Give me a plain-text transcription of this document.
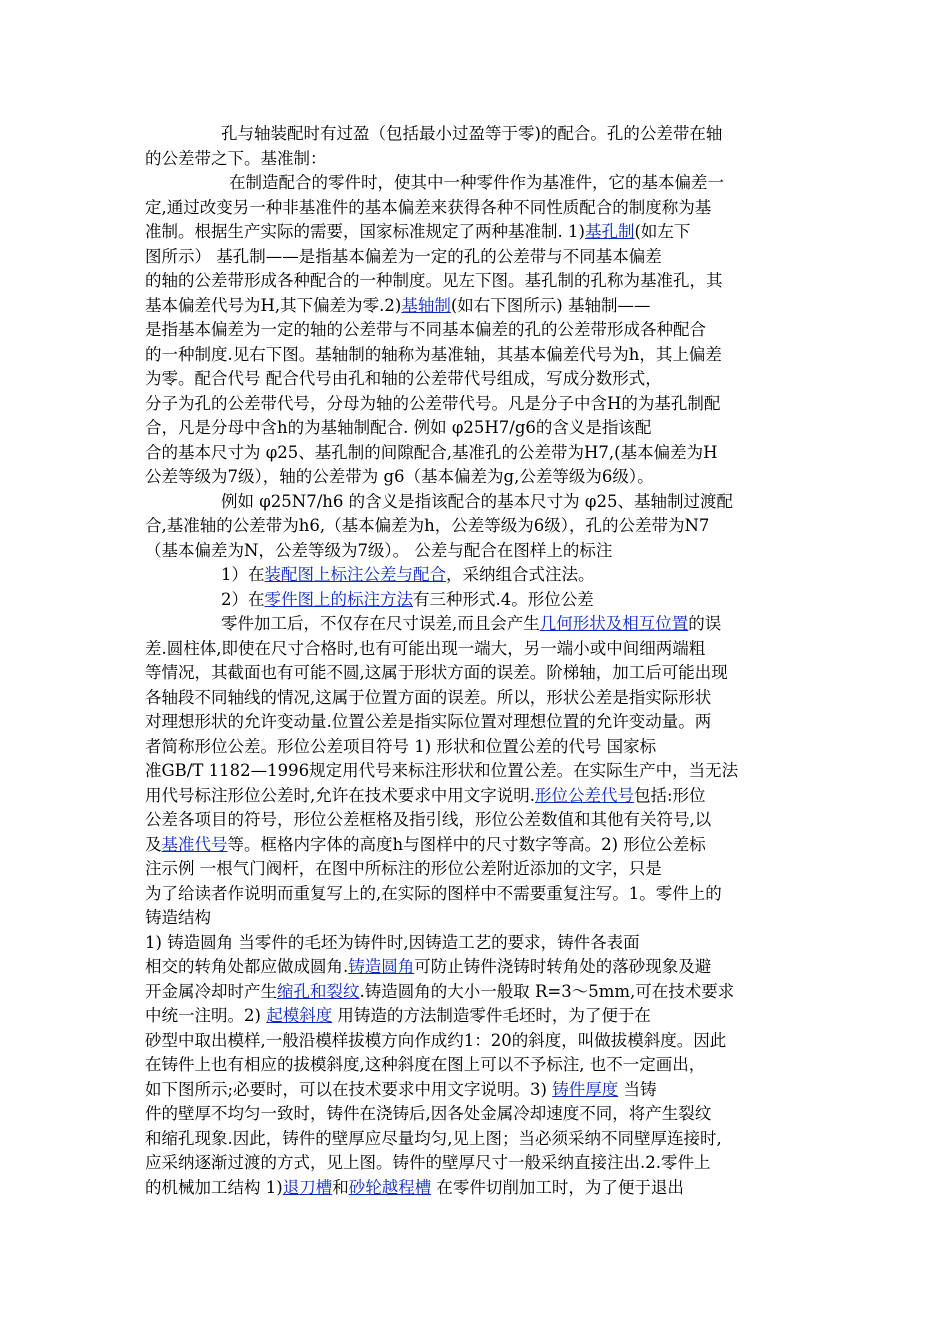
孔与轴装配时有过盈（包括最小过盈等于零)的配合。孔的公差带在轴
的公差带之下。基准制：
在制造配合的零件时，使其中一种零件作为基准件，它的基本偏差一
定,通过改变另一种非基准件的基本偏差来获得各种不同性质配合的制度称为基
准制。根据生产实际的需要，国家标准规定了两种基准制. 1)基孔制(如左下
图所示） 基孔制——是指基本偏差为一定的孔的公差带与不同基本偏差
的轴的公差带形成各种配合的一种制度。见左下图。基孔制的孔称为基准孔，其
基本偏差代号为H,其下偏差为零.2)基轴制(如右下图所示) 基轴制——
是指基本偏差为一定的轴的公差带与不同基本偏差的孔的公差带形成各种配合
的一种制度.见右下图。基轴制的轴称为基准轴，其基本偏差代号为h，其上偏差
为零。配合代号 配合代号由孔和轴的公差带代号组成，写成分数形式，
分子为孔的公差带代号，分母为轴的公差带代号。凡是分子中含H的为基孔制配
合，凡是分母中含h的为基轴制配合. 例如 φ25H7/g6的含义是指该配
合的基本尺寸为 φ25、基孔制的间隙配合,基准孔的公差带为H7,(基本偏差为H
公差等级为7级），轴的公差带为 g6（基本偏差为g,公差等级为6级）。
例如 φ25N7/h6 的含义是指该配合的基本尺寸为 φ25、基轴制过渡配
合,基准轴的公差带为h6,（基本偏差为h，公差等级为6级），孔的公差带为N7
（基本偏差为N，公差等级为7级）。 公差与配合在图样上的标注
1）在装配图上标注公差与配合，采纳组合式注法。
2）在零件图上的标注方法有三种形式.4。形位公差
零件加工后，不仅存在尺寸误差,而且会产生几何形状及相互位置的误
差.圆柱体,即使在尺寸合格时,也有可能出现一端大，另一端小或中间细两端粗
等情况，其截面也有可能不圆,这属于形状方面的误差。阶梯轴，加工后可能出现
各轴段不同轴线的情况,这属于位置方面的误差。所以，形状公差是指实际形状
对理想形状的允许变动量.位置公差是指实际位置对理想位置的允许变动量。两
者简称形位公差。形位公差项目符号 1) 形状和位置公差的代号 国家标
准GB/T 1182—1996规定用代号来标注形状和位置公差。在实际生产中，当无法
用代号标注形位公差时,允许在技术要求中用文字说明.形位公差代号包括:形位
公差各项目的符号，形位公差框格及指引线，形位公差数值和其他有关符号,以
及基准代号等。框格内字体的高度h与图样中的尺寸数字等高。2) 形位公差标
注示例 一根气门阀杆，在图中所标注的形位公差附近添加的文字，只是
为了给读者作说明而重复写上的,在实际的图样中不需要重复注写。1。零件上的
铸造结构
1) 铸造圆角 当零件的毛坯为铸件时,因铸造工艺的要求，铸件各表面
相交的转角处都应做成圆角.铸造圆角可防止铸件浇铸时转角处的落砂现象及避
开金属冷却时产生缩孔和裂纹.铸造圆角的大小一般取 R=3～5mm,可在技术要求
中统一注明。2) 起模斜度 用铸造的方法制造零件毛坯时，为了便于在
砂型中取出模样,一般沿模样拔模方向作成约1：20的斜度，叫做拔模斜度。因此
在铸件上也有相应的拔模斜度,这种斜度在图上可以不予标注, 也不一定画出，
如下图所示;必要时，可以在技术要求中用文字说明。3) 铸件厚度 当铸
件的壁厚不均匀一致时，铸件在浇铸后,因各处金属冷却速度不同，将产生裂纹
和缩孔现象.因此，铸件的壁厚应尽量均匀,见上图；当必须采纳不同壁厚连接时,
应采纳逐渐过渡的方式，见上图。铸件的壁厚尺寸一般采纳直接注出.2.零件上
的机械加工结构 1)退刀槽和砂轮越程槽 在零件切削加工时，为了便于退出
